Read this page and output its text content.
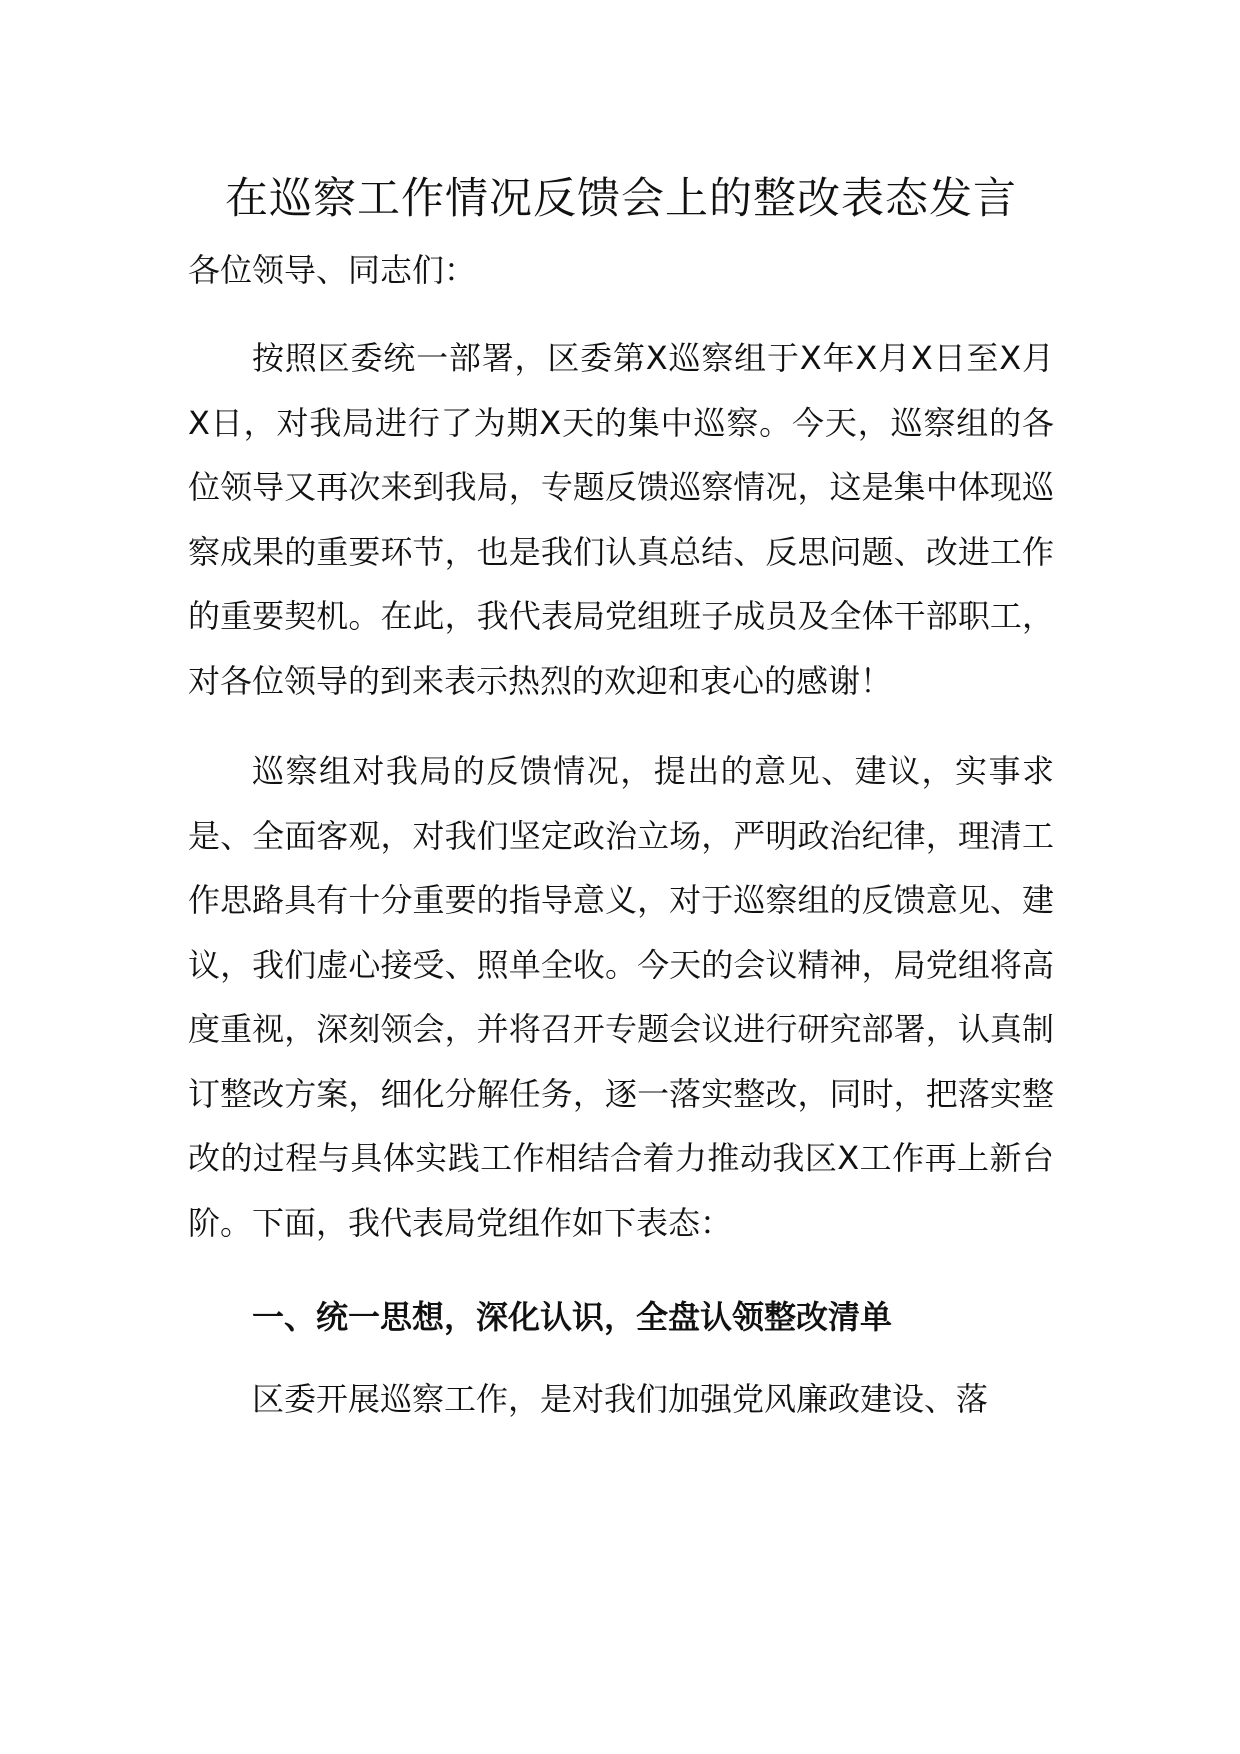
在巡察工作情况反馈会上的整改表态发言

各位领导、同志们：

按照区委统一部署，区委第X巡察组于X年X月X日至X月X日，对我局进行了为期X天的集中巡察。今天，巡察组的各位领导又再次来到我局，专题反馈巡察情况，这是集中体现巡察成果的重要环节，也是我们认真总结、反思问题、改进工作的重要契机。在此，我代表局党组班子成员及全体干部职工，对各位领导的到来表示热烈的欢迎和衷心的感谢！

巡察组对我局的反馈情况，提出的意见、建议，实事求是、全面客观，对我们坚定政治立场，严明政治纪律，理清工作思路具有十分重要的指导意义，对于巡察组的反馈意见、建议，我们虚心接受、照单全收。今天的会议精神，局党组将高度重视，深刻领会，并将召开专题会议进行研究部署，认真制订整改方案，细化分解任务，逐一落实整改，同时，把落实整改的过程与具体实践工作相结合着力推动我区X工作再上新台阶。下面，我代表局党组作如下表态：

一、统一思想，深化认识，全盘认领整改清单

区委开展巡察工作，是对我们加强党风廉政建设、落
